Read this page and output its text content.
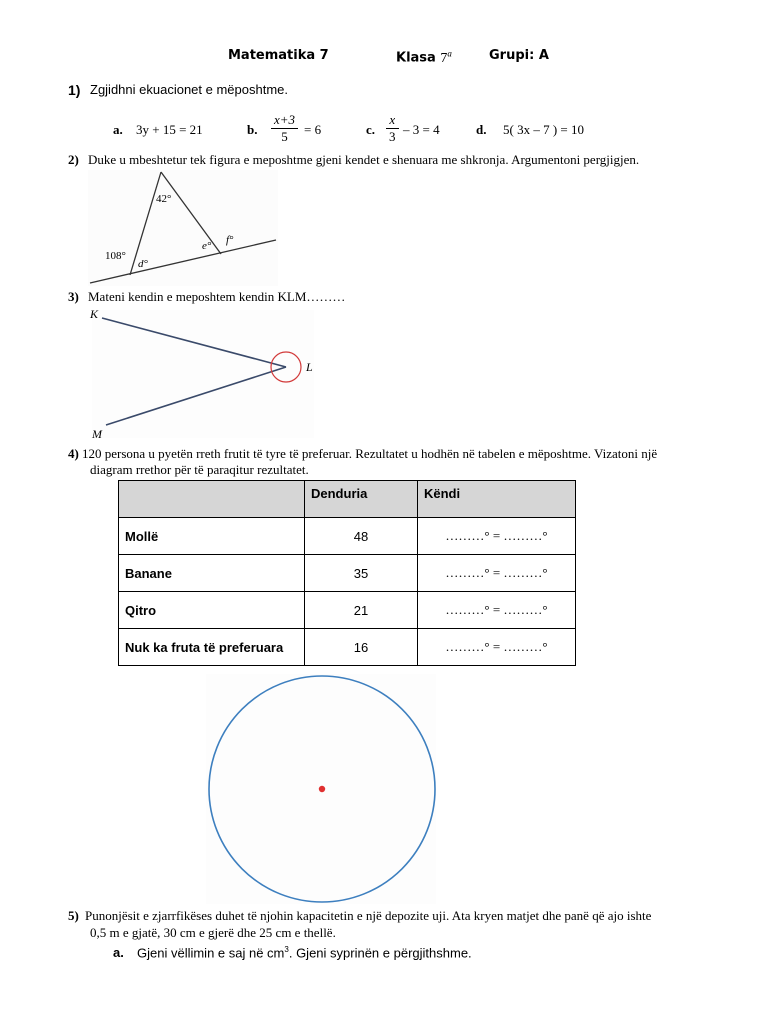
Matematika 7	Klasa 7$^a$	Grupi: A
1) Zgjidhni ekuacionet e mëposhtme.
a. 3y + 15 = 21	b. $\frac{x+3}{5} = 6$	c. $\frac{x}{3} - 3 = 4$	d. 5( 3x – 7 ) = 10
2) Duke u mbeshtetur tek figura e meposhtme gjeni kendet e shenuara me shkronja. Argumentoni pergjigjen.
42°
108°
d°
e° f°
3) Mateni kendin e meposhtem kendin KLM………
K
L
M
4) 120 persona u pyetën rreth frutit të tyre të preferuar. Rezultatet u hodhën në tabelen e mëposhtme. Vizatoni një
diagram rrethor për të paraqitur rezultatet.
	Denduria	Këndi
Mollë	48	………° = ………°
Banane	35	………° = ………°
Qitro	21	………° = ………°
Nuk ka fruta të preferuara	16	………° = ………°
5) Punonjësit e zjarrfikëses duhet të njohin kapacitetin e një depozite uji. Ata kryen matjet dhe panë që ajo ishte
0,5 m e gjatë, 30 cm e gjerë dhe 25 cm e thellë.
a. Gjeni vëllimin e saj në $cm^3$. Gjeni syprinën e përgjithshme.
